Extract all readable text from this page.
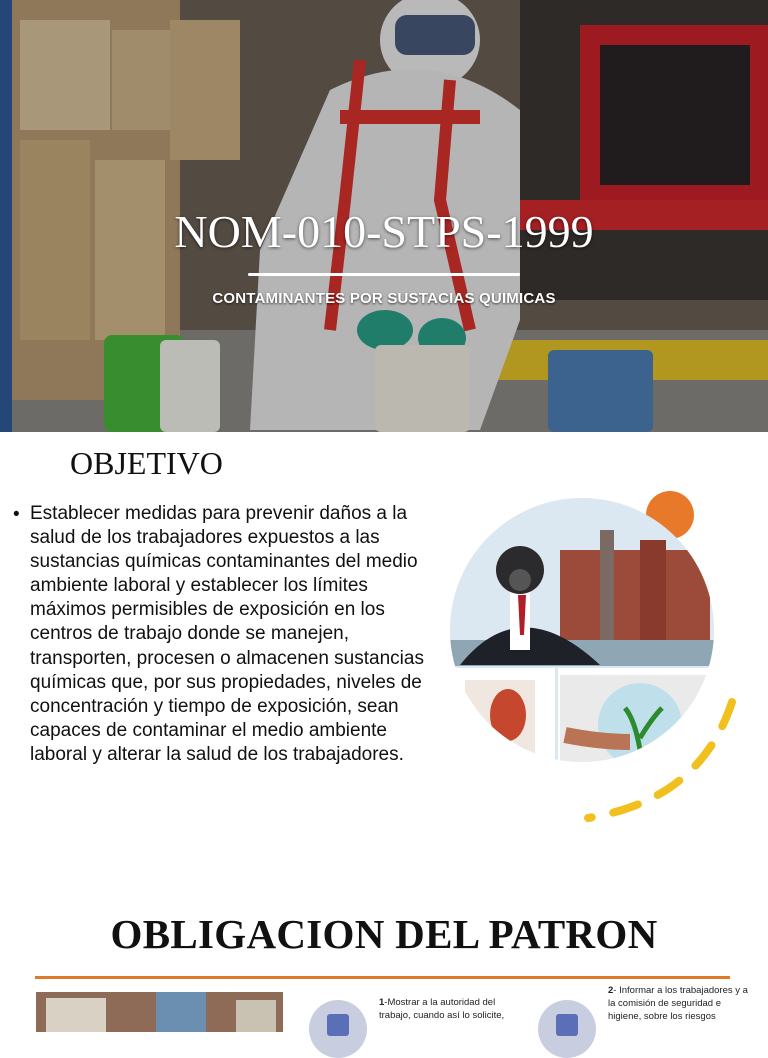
NOM-010-STPS-1999
CONTAMINANTES POR SUSTACIAS QUIMICAS
OBJETIVO
• Establecer medidas para prevenir daños a la salud de los trabajadores expuestos a las sustancias químicas contaminantes del medio ambiente laboral y establecer los límites máximos permisibles de exposición en los centros de trabajo donde se manejen, transporten, procesen o almacenen sustancias químicas que, por sus propiedades, niveles de concentración y tiempo de exposición, sean capaces de contaminar el medio ambiente laboral y alterar la salud de los trabajadores.

OBLIGACION DEL PATRON

1-Mostrar a la autoridad del trabajo, cuando así lo solicite,

2- Informar a los trabajadores y a la comisión de seguridad e higiene, sobre los riesgos
